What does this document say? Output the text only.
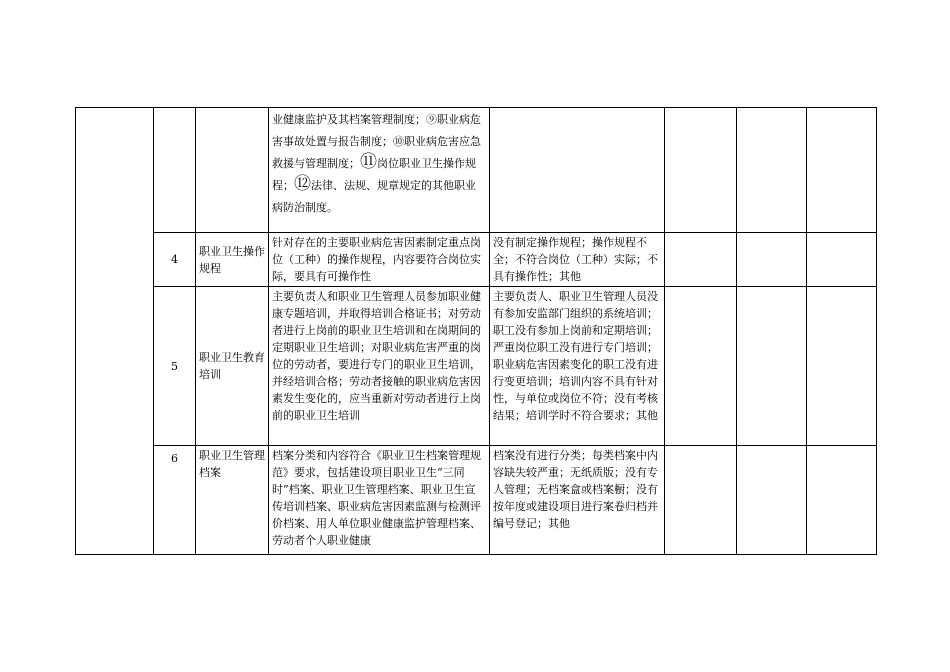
			业健康监护及其档案管理制度；⑨职业病危害事故处置与报告制度；⑩职业病危害应急救援与管理制度；⑪岗位职业卫生操作规程；⑫法律、法规、规章规定的其他职业病防治制度。				
	4	职业卫生操作规程	针对存在的主要职业病危害因素制定重点岗位（工种）的操作规程，内容要符合岗位实际，要具有可操作性	没有制定操作规程；操作规程不全；不符合岗位（工种）实际；不具有操作性；其他			
	5	职业卫生教育培训	主要负责人和职业卫生管理人员参加职业健康专题培训，并取得培训合格证书；对劳动者进行上岗前的职业卫生培训和在岗期间的定期职业卫生培训；对职业病危害严重的岗位的劳动者，要进行专门的职业卫生培训，并经培训合格；劳动者接触的职业病危害因素发生变化的，应当重新对劳动者进行上岗前的职业卫生培训	主要负责人、职业卫生管理人员没有参加安监部门组织的系统培训；职工没有参加上岗前和定期培训；严重岗位职工没有进行专门培训；职业病危害因素变化的职工没有进行变更培训；培训内容不具有针对性，与单位或岗位不符；没有考核结果；培训学时不符合要求；其他			
	6	职业卫生管理档案	档案分类和内容符合《职业卫生档案管理规范》要求，包括建设项目职业卫生“三同时”档案、职业卫生管理档案、职业卫生宣传培训档案、职业病危害因素监测与检测评价档案、用人单位职业健康监护管理档案、劳动者个人职业健康	档案没有进行分类；每类档案中内容缺失较严重；无纸质版；没有专人管理；无档案盒或档案橱；没有按年度或建设项目进行案卷归档并编号登记；其他			
